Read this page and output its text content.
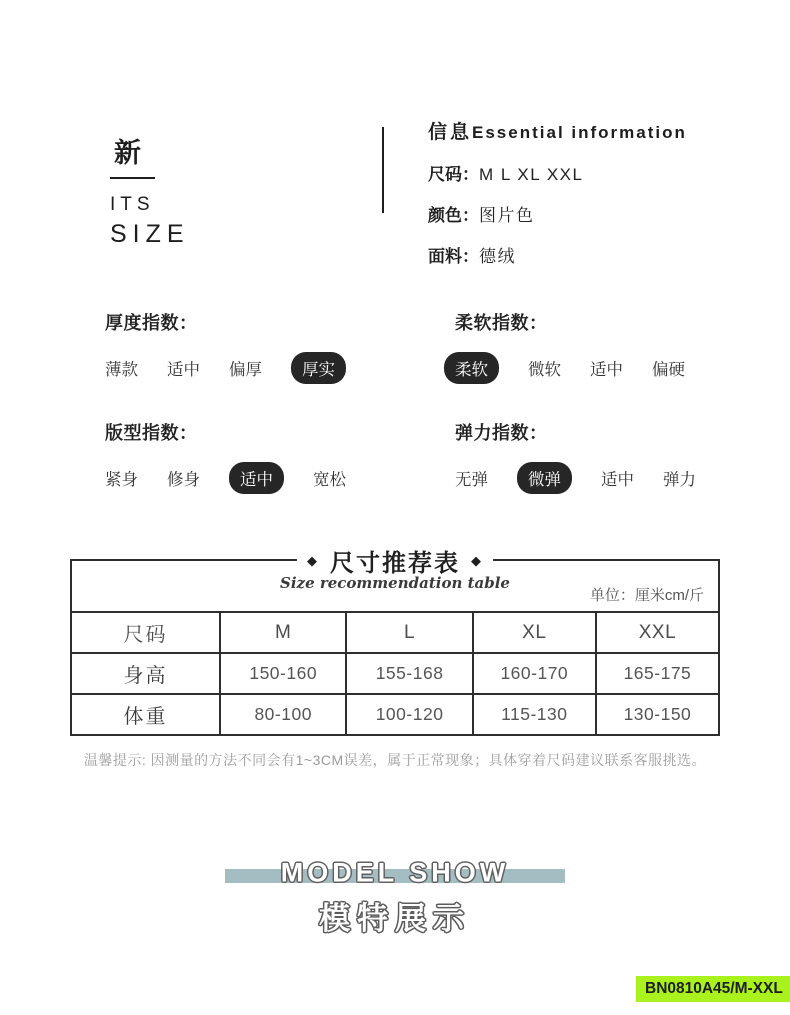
新
ITS
SIZE
信息Essential information
尺码：M L XL XXL
颜色：图片色
面料：德绒
厚度指数：
薄款 适中 偏厚	厚实
柔软指数：
柔软	微软 适中 偏硬
版型指数：
紧身 修身	适中	宽松
弹力指数：
无弹	微弹	适中 弹力
◆ 尺寸推荐表 ◆
Size recommendation table
单位：厘米cm/斤
尺码	M	L	XL	XXL
身高	150-160	155-168	160-170	165-175
体重	80-100	100-120	115-130	130-150
温馨提示: 因测量的方法不同会有1~3CM误差，属于正常现象；具体穿着尺码建议联系客服挑选。
MODEL SHOW
模特展示
BN0810A45/M-XXL
